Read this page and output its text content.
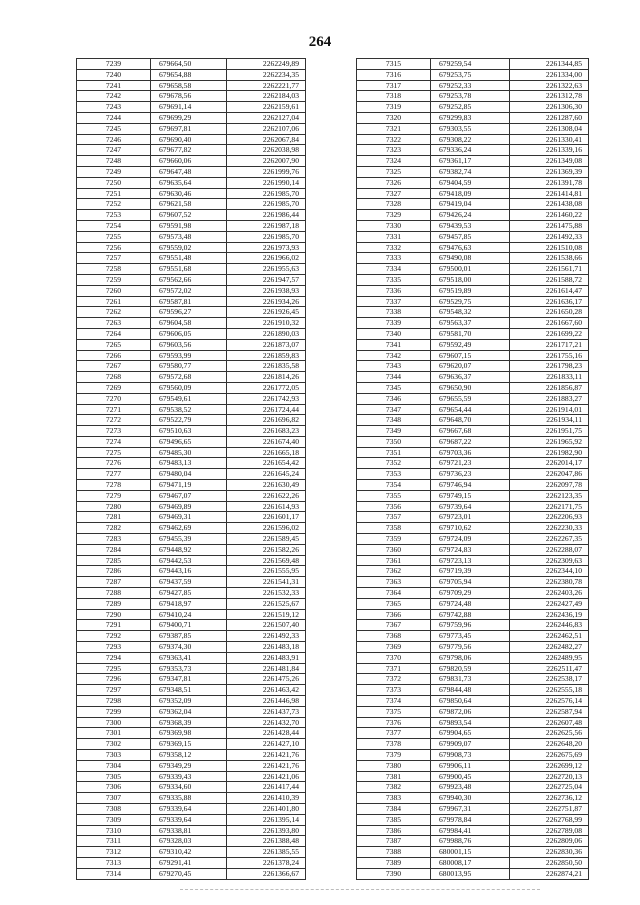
264
7239	679664,50	2262249,89
7240	679654,88	2262234,35
7241	679658,58	2262221,77
7242	679678,56	2262184,03
7243	679691,14	2262159,61
7244	679699,29	2262127,04
7245	679697,81	2262107,06
7246	679690,40	2262067,84
7247	679677,82	2262038,98
7248	679660,06	2262007,90
7249	679647,48	2261999,76
7250	679635,64	2261990,14
7251	679630,46	2261985,70
7252	679621,58	2261985,70
7253	679607,52	2261986,44
7254	679591,98	2261987,18
7255	679573,48	2261985,70
7256	679559,02	2261973,93
7257	679551,48	2261966,02
7258	679551,68	2261955,63
7259	679562,66	2261947,57
7260	679572,02	2261938,93
7261	679587,81	2261934,26
7262	679596,27	2261926,45
7263	679604,58	2261910,32
7264	679606,05	2261890,03
7265	679603,56	2261873,07
7266	679593,99	2261859,83
7267	679580,77	2261835,58
7268	679572,68	2261814,26
7269	679560,09	2261772,05
7270	679549,61	2261742,93
7271	679538,52	2261724,44
7272	679522,79	2261696,82
7273	679510,63	2261683,23
7274	679496,65	2261674,40
7275	679485,30	2261665,18
7276	679483,13	2261654,42
7277	679480,04	2261645,24
7278	679471,19	2261630,49
7279	679467,07	2261622,26
7280	679469,89	2261614,93
7281	679469,31	2261601,17
7282	679462,69	2261596,02
7283	679455,39	2261589,45
7284	679448,92	2261582,26
7285	679442,53	2261569,48
7286	679443,16	2261555,95
7287	679437,59	2261541,31
7288	679427,85	2261532,33
7289	679418,97	2261525,67
7290	679410,24	2261519,12
7291	679400,71	2261507,40
7292	679387,85	2261492,33
7293	679374,30	2261483,18
7294	679363,41	2261483,91
7295	679353,73	2261481,84
7296	679347,81	2261475,26
7297	679348,51	2261463,42
7298	679352,09	2261446,98
7299	679362,04	2261437,73
7300	679368,39	2261432,70
7301	679369,98	2261428,44
7302	679369,15	2261427,10
7303	679358,12	2261421,76
7304	679349,29	2261421,76
7305	679339,43	2261421,06
7306	679334,60	2261417,44
7307	679335,88	2261410,39
7308	679339,64	2261401,80
7309	679339,64	2261395,14
7310	679338,81	2261393,80
7311	679328,03	2261388,48
7312	679310,42	2261385,55
7313	679291,41	2261378,24
7314	679270,45	2261366,67
7315	679259,54	2261344,85
7316	679253,75	2261334,00
7317	679252,33	2261322,63
7318	679253,78	2261312,78
7319	679252,85	2261306,30
7320	679299,83	2261287,60
7321	679303,55	2261308,04
7322	679308,22	2261330,41
7323	679336,24	2261339,16
7324	679361,17	2261349,08
7325	679382,74	2261369,39
7326	679404,59	2261391,78
7327	679418,09	2261414,81
7328	679419,04	2261438,08
7329	679426,24	2261460,22
7330	679439,53	2261475,88
7331	679457,85	2261492,33
7332	679476,63	2261510,08
7333	679490,08	2261538,66
7334	679500,01	2261561,71
7335	679518,00	2261588,72
7336	679519,89	2261614,47
7337	679529,75	2261636,17
7338	679548,32	2261650,28
7339	679563,37	2261667,60
7340	679581,70	2261699,22
7341	679592,49	2261717,21
7342	679607,15	2261755,16
7343	679620,07	2261798,23
7344	679636,37	2261833,11
7345	679650,90	2261856,87
7346	679655,59	2261883,27
7347	679654,44	2261914,01
7348	679648,70	2261934,11
7349	679667,68	2261951,75
7350	679687,22	2261965,92
7351	679703,36	2261982,90
7352	679721,23	2262014,17
7353	679736,23	2262047,86
7354	679746,94	2262097,78
7355	679749,15	2262123,35
7356	679739,64	2262171,75
7357	679723,01	2262206,93
7358	679710,62	2262230,33
7359	679724,09	2262267,35
7360	679724,83	2262288,07
7361	679723,13	2262309,63
7362	679719,39	2262344,10
7363	679705,94	2262380,78
7364	679709,29	2262403,26
7365	679724,48	2262427,49
7366	679742,88	2262436,19
7367	679759,96	2262446,83
7368	679773,45	2262462,51
7369	679779,56	2262482,27
7370	679798,06	2262489,95
7371	679820,59	2262511,47
7372	679831,73	2262538,17
7373	679844,48	2262555,18
7374	679850,64	2262576,14
7375	679872,06	2262587,94
7376	679893,54	2262607,48
7377	679904,65	2262625,56
7378	679909,07	2262648,20
7379	679908,73	2262675,69
7380	679906,11	2262699,12
7381	679900,45	2262720,13
7382	679923,48	2262725,04
7383	679940,30	2262736,12
7384	679967,31	2262751,87
7385	679978,84	2262768,99
7386	679984,41	2262789,08
7387	679988,76	2262809,06
7388	680001,15	2262830,36
7389	680008,17	2262850,50
7390	680013,95	2262874,21
